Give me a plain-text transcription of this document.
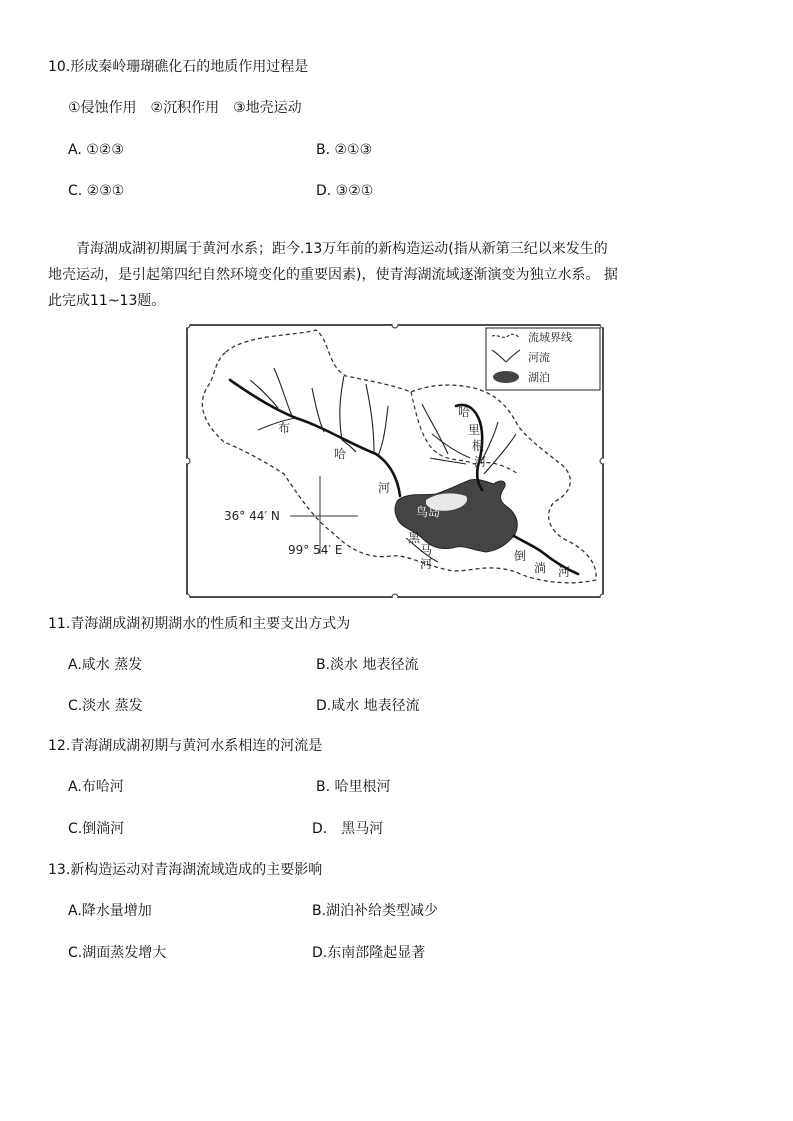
10.形成秦岭珊瑚礁化石的地质作用过程是
①侵蚀作用　②沉积作用　③地壳运动
A. ①②③	B. ②①③
C. ②③①	D. ③②①
青海湖成湖初期属于黄河水系；距今.13万年前的新构造运动(指从新第三纪以来发生的
地壳运动，是引起第四纪自然环境变化的重要因素)，使青海湖流域逐渐演变为独立水系。 据
此完成11~13题。
流域界线
河流
湖泊
布
哈
河
哈
里
根
河
鸟岛
黑
马
河
倒
淌 河
36° 44′ N
99° 54′ E
11.青海湖成湖初期湖水的性质和主要支出方式为
A.咸水 蒸发	B.淡水 地表径流
C.淡水 蒸发	D.咸水 地表径流
12.青海湖成湖初期与黄河水系相连的河流是
A.布哈河	B. 哈里根河
C.倒淌河	D.　黑马河
13.新构造运动对青海湖流域造成的主要影响
A.降水量增加	B.湖泊补给类型减少
C.湖面蒸发增大	D.东南部隆起显著
